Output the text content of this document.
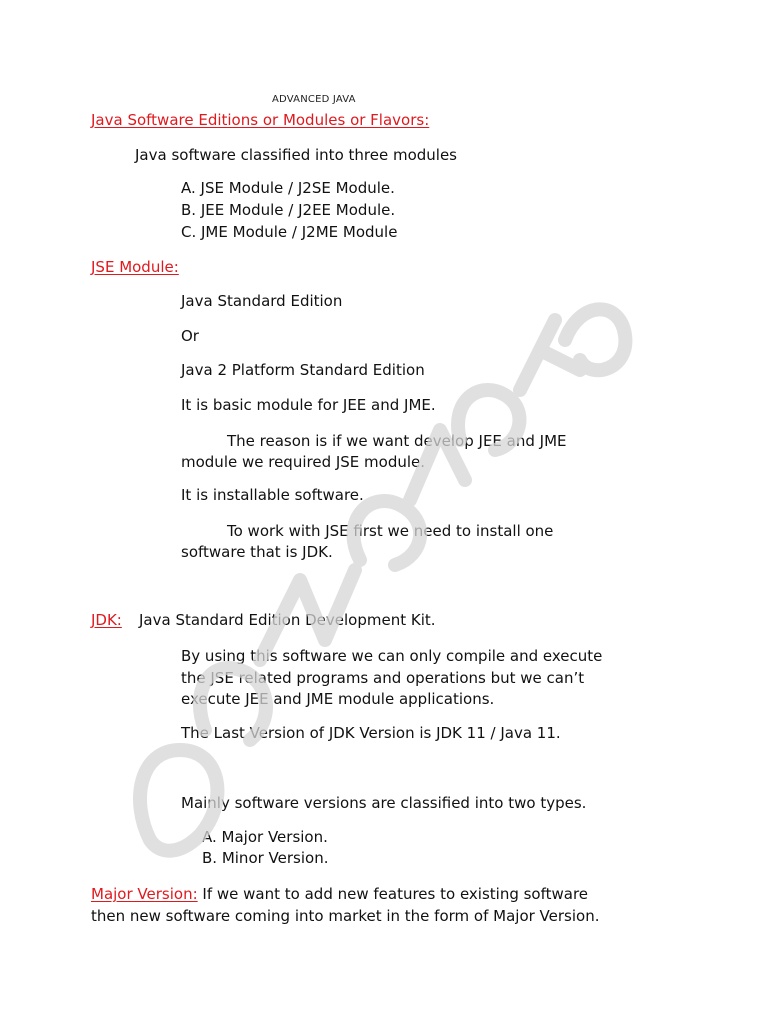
ADVANCED JAVA
Java Software Editions or Modules or Flavors:
Java software classified into three modules
A. JSE Module / J2SE Module.
B. JEE Module / J2EE Module.
C. JME Module / J2ME Module
JSE Module:
Java Standard Edition
Or
Java 2 Platform Standard Edition
It is basic module for JEE and JME.
The reason is if we want develop JEE and JME
module we required JSE module.
It is installable software.
To work with JSE first we need to install one
software that is JDK.
JDK: Java Standard Edition Development Kit.
By using this software we can only compile and execute
the JSE related programs and operations but we can’t
execute JEE and JME module applications.
The Last Version of JDK Version is JDK 11 / Java 11.
Mainly software versions are classified into two types.
A. Major Version.
B. Minor Version.
Major Version: If we want to add new features to existing software
then new software coming into market in the form of Major Version.
